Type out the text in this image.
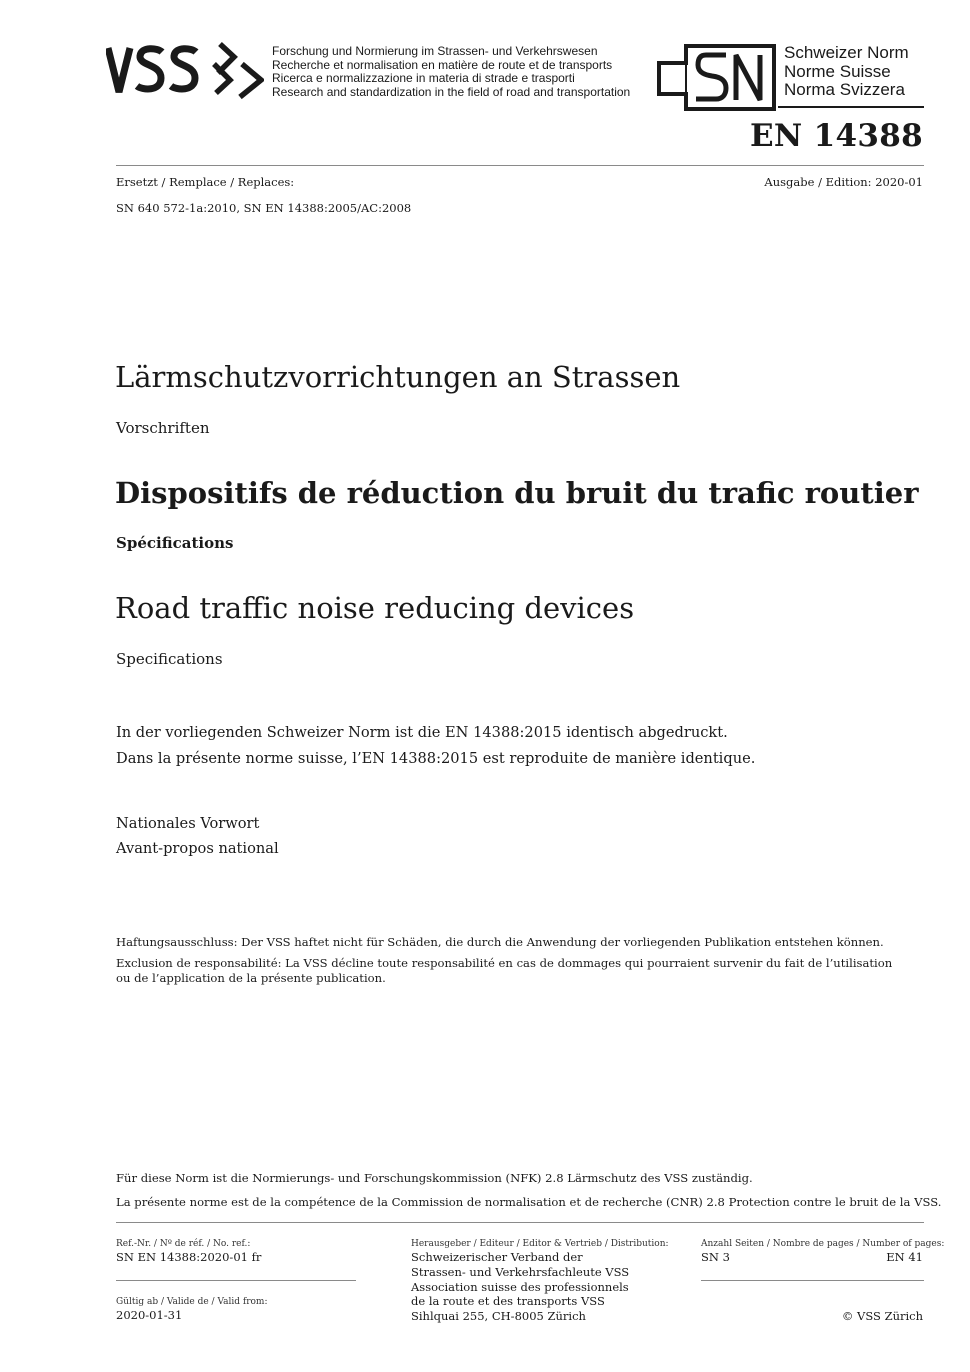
Forschung und Normierung im Strassen- und Verkehrswesen
Recherche et normalisation en matière de route et de transports
Ricerca e normalizzazione in materia di strade e trasporti
Research and standardization in the field of road and transportation
Schweizer Norm
Norme Suisse
Norma Svizzera
EN 14388
Ersetzt / Remplace / Replaces:	Ausgabe / Edition: 2020-01
SN 640 572-1a:2010, SN EN 14388:2005/AC:2008
Lärmschutzvorrichtungen an Strassen
Vorschriften
Dispositifs de réduction du bruit du trafic routier
Spécifications
Road traffic noise reducing devices
Specifications
In der vorliegenden Schweizer Norm ist die EN 14388:2015 identisch abgedruckt.
Dans la présente norme suisse, l’EN 14388:2015 est reproduite de manière identique.
Nationales Vorwort
Avant-propos national
Haftungsausschluss: Der VSS haftet nicht für Schäden, die durch die Anwendung der vorliegenden Publikation entstehen können.
Exclusion de responsabilité: La VSS décline toute responsabilité en cas de dommages qui pourraient survenir du fait de l’utilisation
ou de l’application de la présente publication.
Für diese Norm ist die Normierungs- und Forschungskommission (NFK) 2.8 Lärmschutz des VSS zuständig.
La présente norme est de la compétence de la Commission de normalisation et de recherche (CNR) 2.8 Protection contre le bruit de la VSS.
Ref.-Nr. / Nº de réf. / No. ref.:
SN EN 14388:2020-01 fr
Gültig ab / Valide de / Valid from:
2020-01-31
Herausgeber / Editeur / Editor & Vertrieb / Distribution:
Schweizerischer Verband der
Strassen- und Verkehrsfachleute VSS
Association suisse des professionnels
de la route et des transports VSS
Sihlquai 255, CH-8005 Zürich
Anzahl Seiten / Nombre de pages / Number of pages:
SN 3	EN 41
© VSS Zürich
